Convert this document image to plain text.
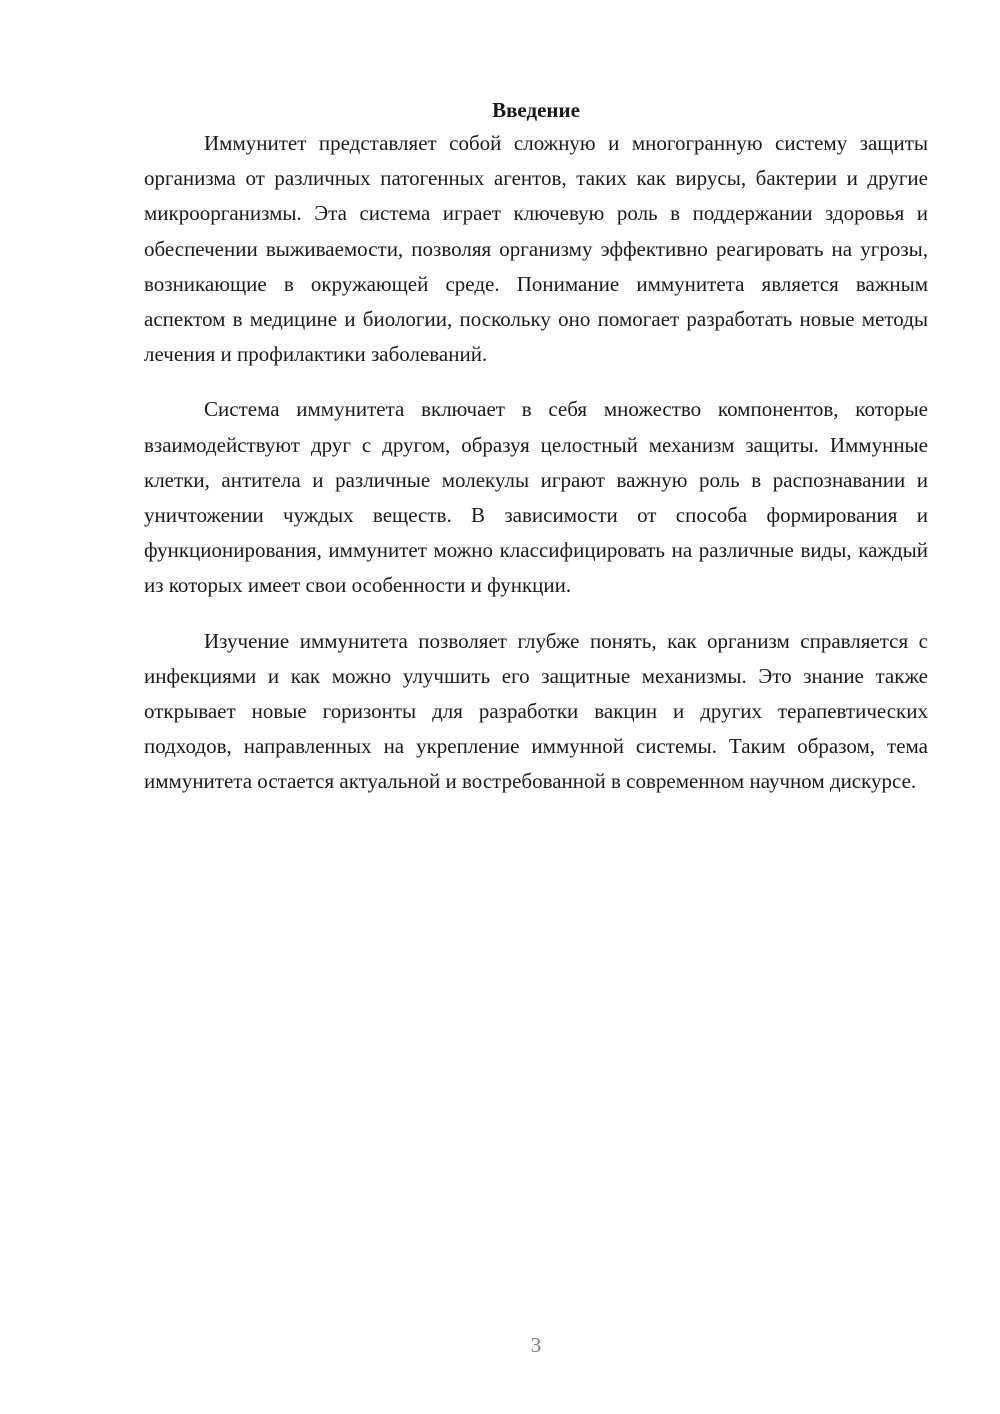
Введение

Иммунитет представляет собой сложную и многогранную систему защиты организма от различных патогенных агентов, таких как вирусы, бактерии и другие микроорганизмы. Эта система играет ключевую роль в поддержании здоровья и обеспечении выживаемости, позволяя организму эффективно реагировать на угрозы, возникающие в окружающей среде. Понимание иммунитета является важным аспектом в медицине и биологии, поскольку оно помогает разработать новые методы лечения и профилактики заболеваний.

Система иммунитета включает в себя множество компонентов, которые взаимодействуют друг с другом, образуя целостный механизм защиты. Иммунные клетки, антитела и различные молекулы играют важную роль в распознавании и уничтожении чуждых веществ. В зависимости от способа формирования и функционирования, иммунитет можно классифицировать на различные виды, каждый из которых имеет свои особенности и функции.

Изучение иммунитета позволяет глубже понять, как организм справляется с инфекциями и как можно улучшить его защитные механизмы. Это знание также открывает новые горизонты для разработки вакцин и других терапевтических подходов, направленных на укрепление иммунной системы. Таким образом, тема иммунитета остается актуальной и востребованной в современном научном дискурсе.

3
